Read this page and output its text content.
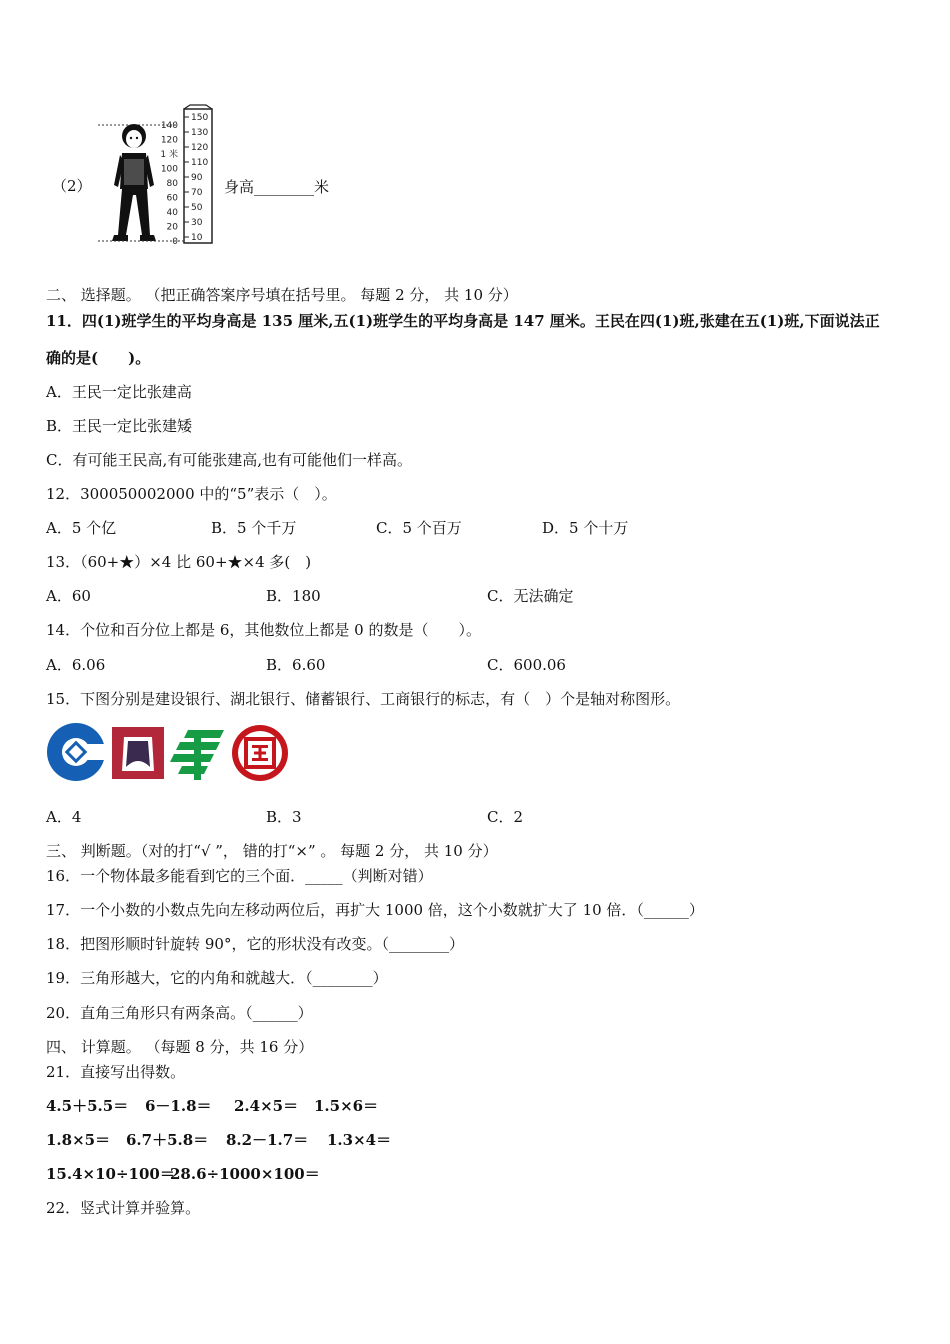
（2）
140
120
1 米
100
80
60
40
20
0
150
130
120
110
90
70
50
30
10
身高________米
二、 选择题。 （把正确答案序号填在括号里。 每题 2 分， 共 10 分）
11．四(1)班学生的平均身高是 135 厘米,五(1)班学生的平均身高是 147 厘米。王民在四(1)班,张建在五(1)班,下面说法正
确的是(　　)。
A．王民一定比张建高
B．王民一定比张建矮
C．有可能王民高,有可能张建高,也有可能他们一样高。
12．300050002000 中的“5”表示（　）。
A．5 个亿	B．5 个千万	C．5 个百万	D．5 个十万
13．（60+★）×4 比 60+★×4 多(　)
A．60	B．180	C．无法确定
14．个位和百分位上都是 6，其他数位上都是 0 的数是（　　）。
A．6.06	B．6.60	C．600.06
15．下图分别是建设银行、湖北银行、储蓄银行、工商银行的标志，有（　）个是轴对称图形。
A．4	B．3	C．2
三、 判断题。（对的打“√ ”， 错的打“×” 。 每题 2 分， 共 10 分）
16．一个物体最多能看到它的三个面．_____（判断对错）
17．一个小数的小数点先向左移动两位后，再扩大 1000 倍，这个小数就扩大了 10 倍．（______）
18．把图形顺时针旋转 90°，它的形状没有改变。（________）
19．三角形越大，它的内角和就越大．（________）
20．直角三角形只有两条高。（______）
四、 计算题。 （每题 8 分，共 16 分）
21．直接写出得数。
4.5＋5.5＝ 6－1.8＝ 2.4×5＝ 1.5×6＝
1.8×5＝ 6.7＋5.8＝ 8.2－1.7＝ 1.3×4＝
15.4×10÷100＝
28.6÷1000×100＝
22．竖式计算并验算。
